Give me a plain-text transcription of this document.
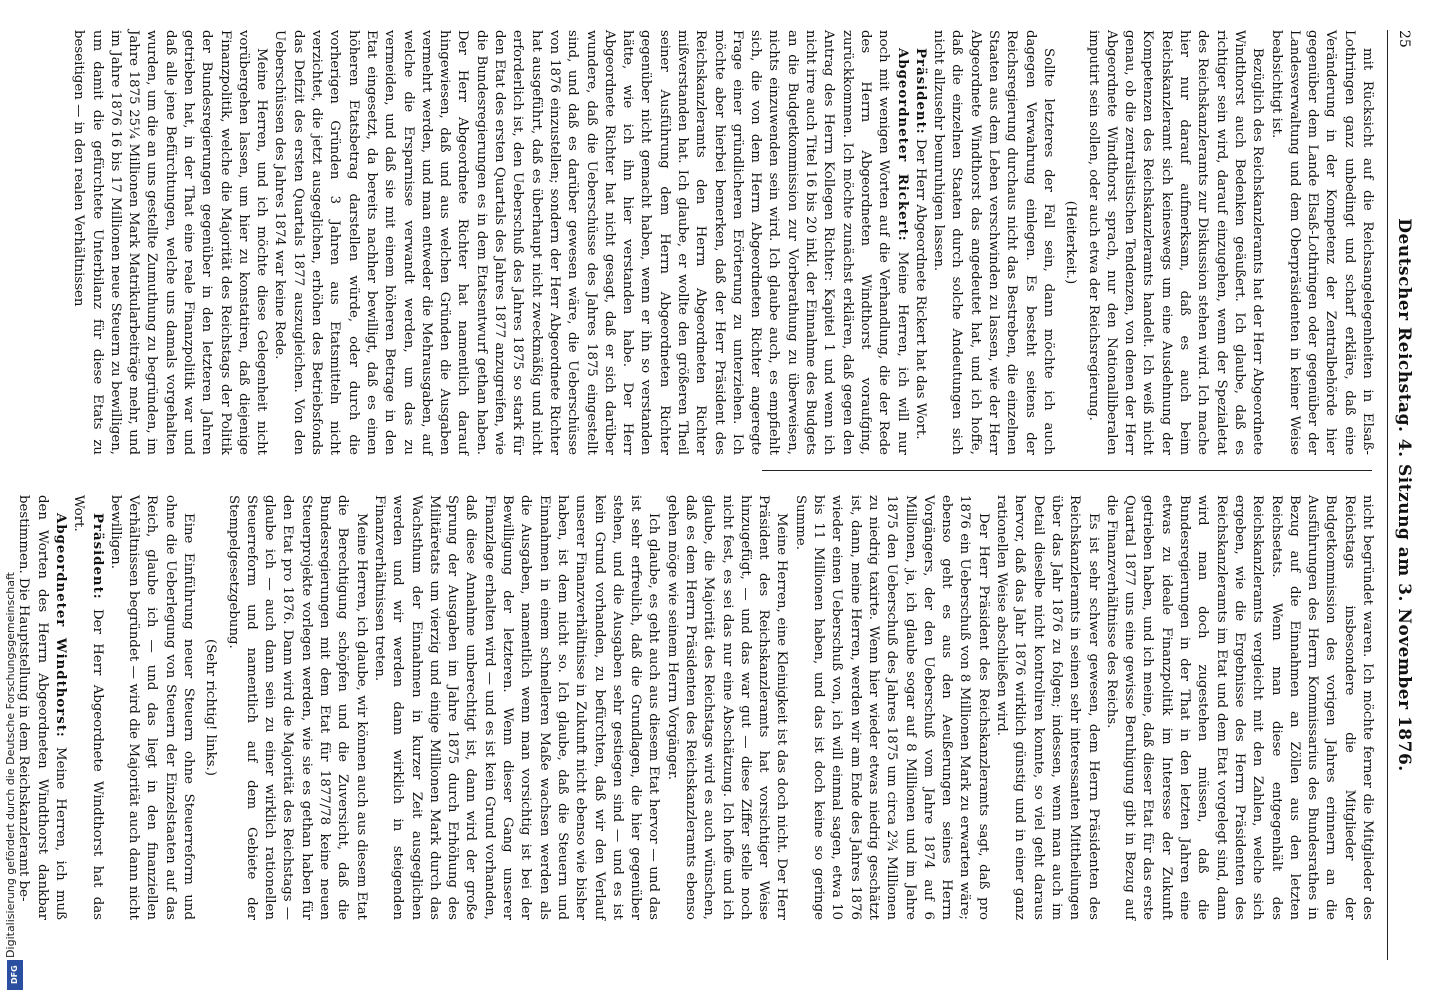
25
Deutscher Reichstag. 4. Sitzung am 3. November 1876.

mit Rücksicht auf die Reichsangelegenheiten in Elsaß-Lothringen ganz unbedingt und scharf erkläre, daß eine Veränderung in der Kompetenz der Zentralbehörde hier gegenüber dem Lande Elsaß-Lothringen oder gegenüber der Landesverwaltung und dem Oberpräsidenten in keiner Weise beabsichtigt ist.

Bezüglich des Reichskanzleramts hat der Herr Abgeordnete Windthorst auch Bedenken geäußert. Ich glaube, daß es richtiger sein wird, darauf einzugehen, wenn der Spezialetat des Reichskanzleramts zur Diskussion stehen wird. Ich mache hier nur darauf aufmerksam, daß es auch beim Reichskanzleramt sich keineswegs um eine Ausdehnung der Kompetenzen des Reichskanzleramts handelt. Ich weiß nicht genau, ob die zentralistischen Tendenzen, von denen der Herr Abgeordnete Windthorst sprach, nur den Nationalliberalen imputirt sein sollen, oder auch etwa der Reichsregierung.

(Heiterkeit.)

Sollte letzteres der Fall sein, dann möchte ich auch dagegen Verwahrung einlegen. Es besteht seitens der Reichsregierung durchaus nicht das Bestreben, die einzelnen Staaten aus dem Leben verschwinden zu lassen, wie der Herr Abgeordnete Windthorst das angedeutet hat, und ich hoffe, daß die einzelnen Staaten durch solche Andeutungen sich nicht allzusehr beunruhigen lassen.

Präsident: Der Herr Abgeordnete Rickert hat das Wort.

Abgeordneter Rickert: Meine Herren, ich will nur noch mit wenigen Worten auf die Verhandlung, die der Rede des Herrn Abgeordneten Windthorst voraufging, zurückkommen. Ich möchte zunächst erklären, daß gegen den Antrag des Herrn Kollegen Richter: Kapitel 1 und wenn ich nicht irre auch Titel 16 bis 20 inkl. der Einnahme des Budgets an die Budgetkommission zur Vorberathung zu überweisen, nichts einzuwenden sein wird. Ich glaube auch, es empfiehlt sich, die von dem Herrn Abgeordneten Richter angeregte Frage einer gründlicheren Erörterung zu unterziehen. Ich möchte aber hierbei bemerken, daß der Herr Präsident des Reichskanzleramts den Herrn Abgeordneten Richter mißverstanden hat. Ich glaube, er wollte den größeren Theil seiner Ausführung dem Herrn Abgeordneten Richter gegenüber nicht gemacht haben, wenn er ihn so verstanden hätte, wie ich ihn hier verstanden habe. Der Herr Abgeordnete Richter hat nicht gesagt, daß er sich darüber wundere, daß die Ueberschüsse des Jahres 1875 eingestellt sind, und daß es darüber gewesen wäre, die Ueberschüsse von 1876 einzustellen; sondern der Herr Abgeordnete Richter hat ausgeführt, daß es überhaupt nicht zweckmäßig und nicht erforderlich ist, den Ueberschuß des Jahres 1875 so stark für den Etat des ersten Quartals des Jahres 1877 anzugreifen, wie die Bundesregierungen es in dem Etatsentwurf gethan haben. Der Herr Abgeordnete Richter hat namentlich darauf hingewiesen, daß und aus welchen Gründen die Ausgaben vermehrt werden, und man entweder die Mehrausgaben, auf welche die Ersparnisse verwandt werden, um das zu vermeiden, und daß sie mit einem höheren Betrage in den Etat eingesetzt, da bereits nachher bewilligt, daß es einen höheren Etatsbetrag darstellen würde, oder durch die vorherigen Gründen 3 Jahren aus Etatsmitteln nicht verzichtet, die jetzt ausgeglichen, erhöhen des Betriebsfonds das Defizit des ersten Quartals 1877 auszugleichen. Von den Ueberschüssen des Jahres 1874 war keine Rede.

Meine Herren, und ich möchte diese Gelegenheit nicht vorübergehen lassen, um hier zu konstatiren, daß diejenige Finanzpolitik, welche die Majorität des Reichstags der Politik der Bundesregierungen gegenüber in den letzteren Jahren getrieben hat, in der That eine reale Finanzpolitik war und daß alle jene Befürchtungen, welche uns damals vorgehalten wurden, um die an uns gestellte Zumuthung zu begründen, im Jahre 1875 25¼ Millionen Mark Matrikularbeiträge mehr, und im Jahre 1876 16 bis 17 Millionen neue Steuern zu bewilligen, um damit die gefürchtete Unterbilanz für diese Etats zu beseitigen — in den realen Verhältnissen

nicht begründet waren. Ich möchte ferner die Mitglieder des Reichstags insbesondere die Mitglieder der Budgetkommission des vorigen Jahres erinnern an die Ausführungen des Herrn Kommissarius des Bundesrathes in Bezug auf die Einnahmen an Zöllen aus den letzten Reichsetats. Wenn man diese entgegenhält des Reichskanzleramts vergleicht mit den Zahlen, welche sich ergeben, wie die Ergebnisse des Herrn Präsidenten des Reichskanzleramts im Etat und dem Etat vorgelegt sind, dann wird man doch zugestehen müssen, daß die Bundesregierungen in der That in den letzten Jahren eine etwas zu ideale Finanzpolitik im Interesse der Zukunft getrieben haben, und ich meine, daß dieser Etat für das erste Quartal 1877 uns eine gewisse Beruhigung gibt in Bezug auf die Finanzverhältnisse des Reichs.

Es ist sehr schwer gewesen, dem Herrn Präsidenten des Reichskanzleramts in seinen sehr interessanten Mittheilungen über das Jahr 1876 zu folgen; indessen, wenn man auch im Detail dieselbe nicht kontroliren konnte, so viel geht daraus hervor, daß das Jahr 1876 wirklich günstig und in einer ganz rationellen Weise abschließen wird.

Der Herr Präsident des Reichskanzleramts sagt, daß pro 1876 ein Ueberschuß von 8 Millionen Mark zu erwarten wäre; ebenso geht es aus den Aeußerungen seines Herrn Vorgängers, der den Ueberschuß vom Jahre 1874 auf 6 Millionen, ja, ich glaube sogar auf 8 Millionen und im Jahre 1875 den Ueberschuß des Jahres 1875 um circa 2¾ Millionen zu niedrig taxirte. Wenn hier wieder etwas niedrig geschätzt ist, dann, meine Herren, werden wir am Ende des Jahres 1876 wieder einen Ueberschuß von, ich will einmal sagen, etwa 10 bis 11 Millionen haben, und das ist doch keine so geringe Summe.

Meine Herren, eine Kleinigkeit ist das doch nicht. Der Herr Präsident des Reichskanzleramts hat vorsichtiger Weise hinzugefügt, — und das war gut — diese Ziffer stelle noch nicht fest, es sei das nur eine Abschätzung. Ich hoffe und ich glaube, die Majorität des Reichstags wird es auch wünschen, daß es dem Herrn Präsidenten des Reichskanzleramts ebenso gehen möge wie seinem Herrn Vorgänger.

Ich glaube, es geht auch aus diesem Etat hervor — und das ist sehr erfreulich, daß die Grundlagen, die hier gegenüber stehen, und die Ausgaben sehr gestiegen sind — und es ist kein Grund vorhanden, zu befürchten, daß wir den Verlauf unserer Finanzverhältnisse in Zukunft nicht ebenso wie bisher haben, ist dem nicht so. Ich glaube, daß die Steuern und Einnahmen in einem schnelleren Maße wachsen werden als die Ausgaben, namentlich wenn man vorsichtig ist bei der Bewilligung der letzteren. Wenn dieser Gang unserer Finanzlage erhalten wird — und es ist kein Grund vorhanden, daß diese Annahme unberechtigt ist, dann wird der große Sprung der Ausgaben im Jahre 1875 durch Erhöhung des Militäretats um vierzig und einige Millionen Mark durch das Wachsthum der Einnahmen in kurzer Zeit ausgeglichen werden und wir werden dann wirklich in steigenden Finanzverhältnissen treten.

Meine Herren, ich glaube, wir können auch aus diesem Etat die Berechtigung schöpfen und die Zuversicht, daß die Bundesregierungen mit dem Etat für 1877/78 keine neuen Steuerprojekte vorlegen werden, wie sie es gethan haben für den Etat pro 1876. Dann wird die Majorität des Reichstags — glaube ich — auch dann sein zu einer wirklich rationellen Steuerreform und namentlich auf dem Gebiete der Stempelgesetzgebung.

(Sehr richtig! links.)

Eine Einführung neuer Steuern ohne Steuerreform und ohne die Ueberlegung von Steuern der Einzelstaaten auf das Reich, glaube ich — und das liegt in den finanziellen Verhältnissen begründet — wird die Majorität auch dann nicht bewilligen.

Präsident: Der Herr Abgeordnete Windthorst hat das Wort.

Abgeordneter Windthorst: Meine Herren, ich muß den Worten des Herrn Abgeordneten Windthorst dankbar bestimmen. Die Hauptstellung in dem Reichskanzleramt be-

Digitalisierung gefördert durch die Deutsche Forschungsgemeinschaft
DFG
